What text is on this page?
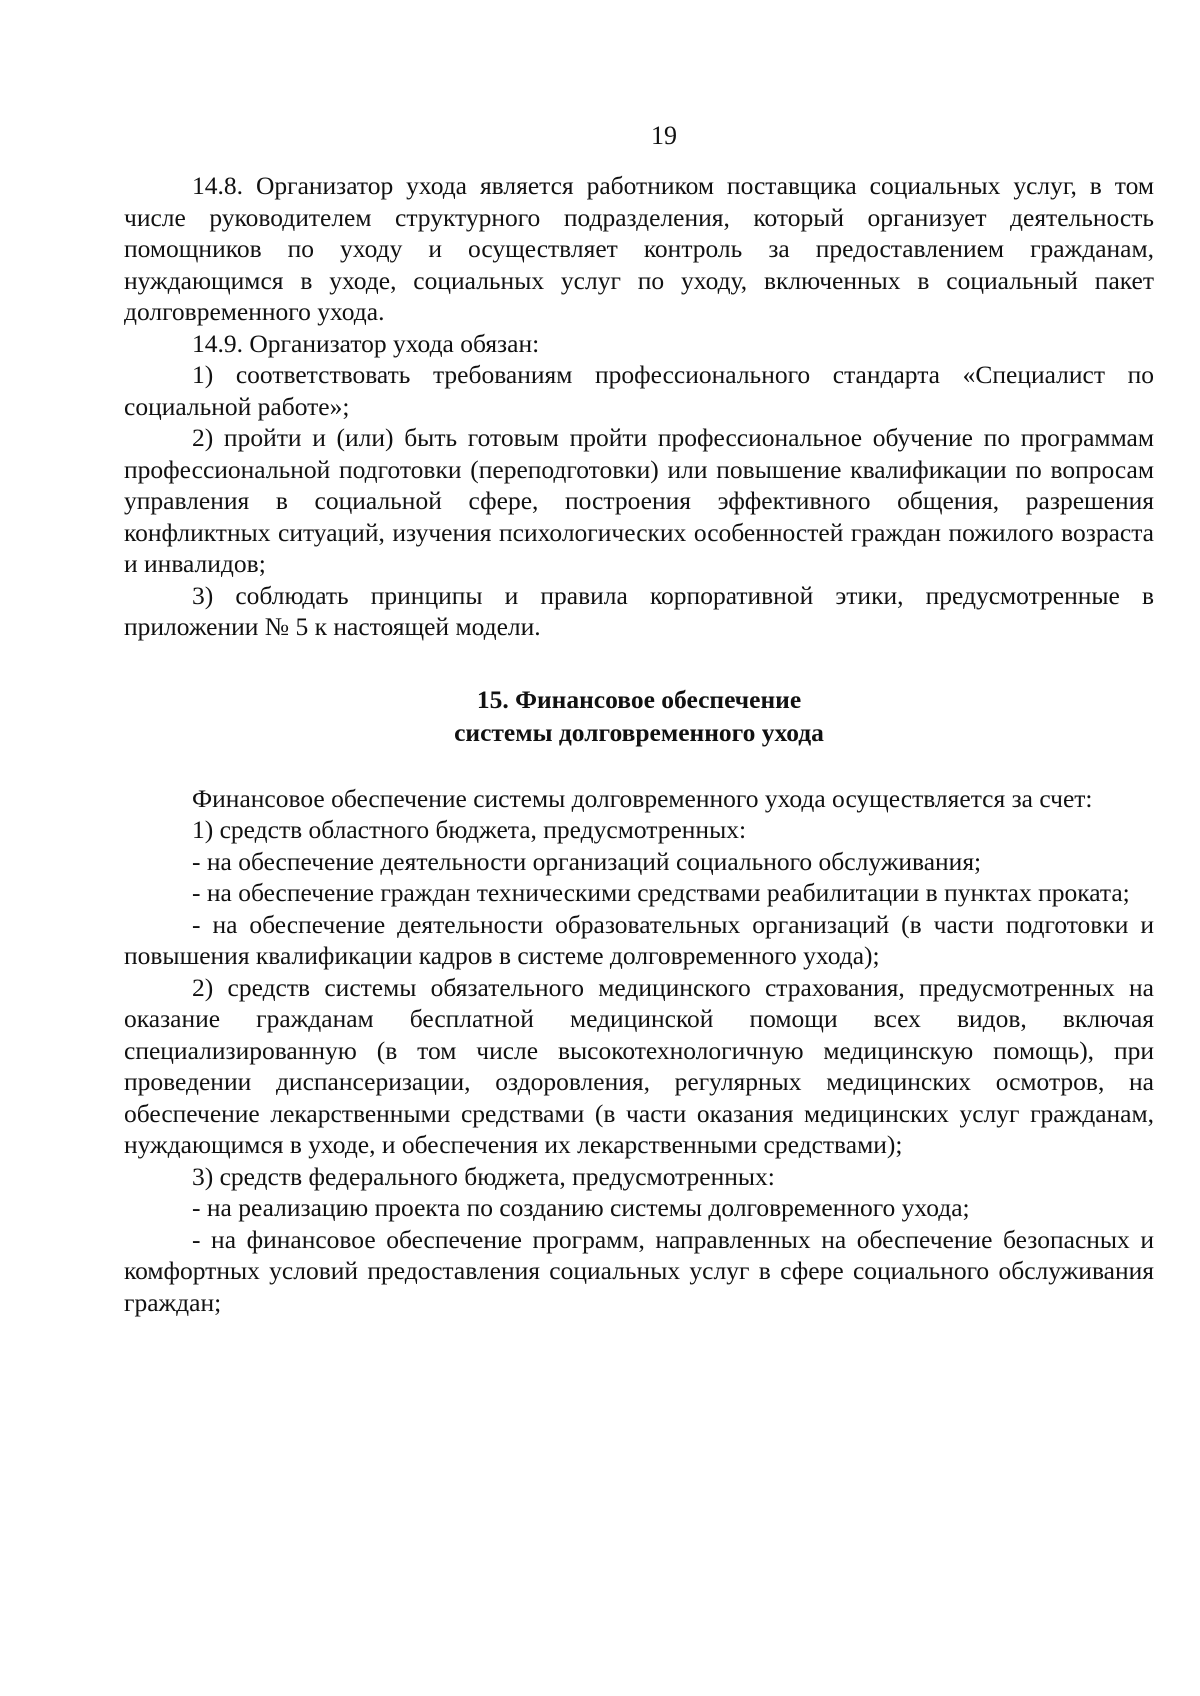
19

14.8. Организатор ухода является работником поставщика социальных услуг, в том числе руководителем структурного подразделения, который организует деятельность помощников по уходу и осуществляет контроль за предоставлением гражданам, нуждающимся в уходе, социальных услуг по уходу, включенных в социальный пакет долговременного ухода.

14.9. Организатор ухода обязан:

1) соответствовать требованиям профессионального стандарта «Специалист по социальной работе»;

2) пройти и (или) быть готовым пройти профессиональное обучение по программам профессиональной подготовки (переподготовки) или повышение квалификации по вопросам управления в социальной сфере, построения эффективного общения, разрешения конфликтных ситуаций, изучения психологических особенностей граждан пожилого возраста и инвалидов;

3) соблюдать принципы и правила корпоративной этики, предусмотренные в приложении № 5 к настоящей модели.

15. Финансовое обеспечение
системы долговременного ухода

Финансовое обеспечение системы долговременного ухода осуществляется за счет:

1) средств областного бюджета, предусмотренных:

- на обеспечение деятельности организаций социального обслуживания;

- на обеспечение граждан техническими средствами реабилитации в пунктах проката;

- на обеспечение деятельности образовательных организаций (в части подготовки и повышения квалификации кадров в системе долговременного ухода);

2) средств системы обязательного медицинского страхования, предусмотренных на оказание гражданам бесплатной медицинской помощи всех видов, включая специализированную (в том числе высокотехнологичную медицинскую помощь), при проведении диспансеризации, оздоровления, регулярных медицинских осмотров, на обеспечение лекарственными средствами (в части оказания медицинских услуг гражданам, нуждающимся в уходе, и обеспечения их лекарственными средствами);

3) средств федерального бюджета, предусмотренных:

- на реализацию проекта по созданию системы долговременного ухода;

- на финансовое обеспечение программ, направленных на обеспечение безопасных и комфортных условий предоставления социальных услуг в сфере социального обслуживания граждан;
